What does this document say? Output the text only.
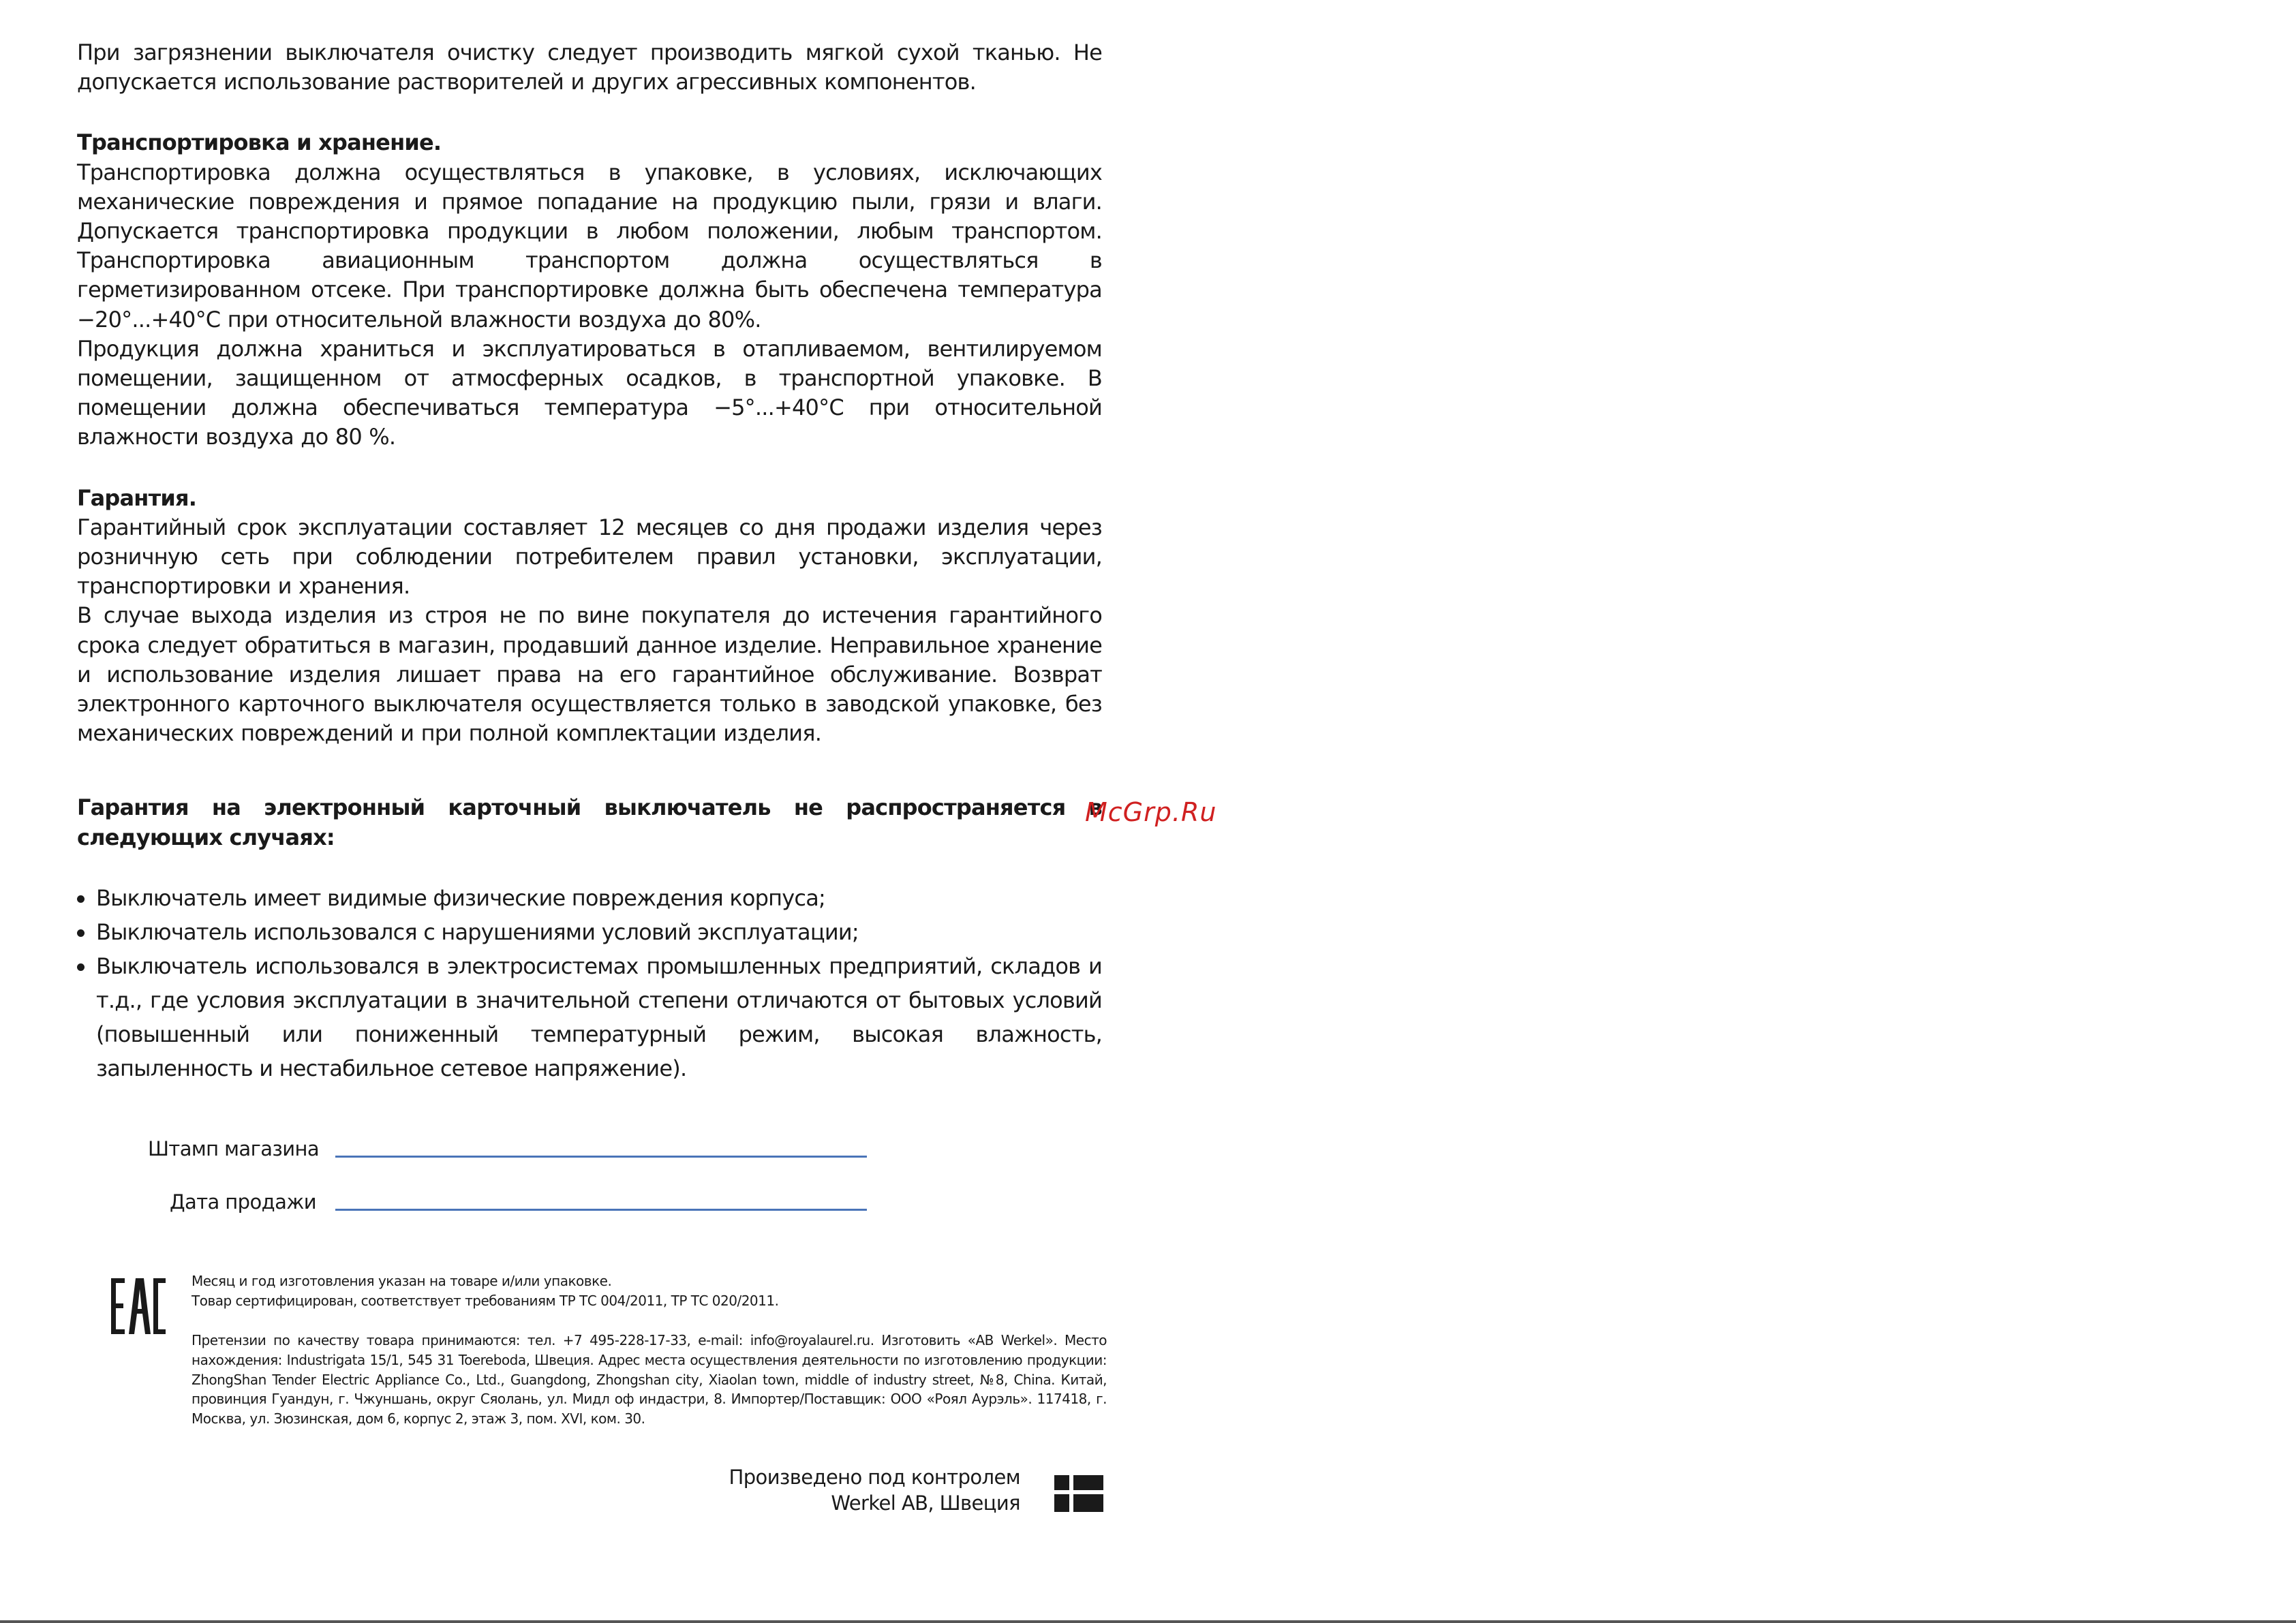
При загрязнении выключателя очистку следует производить мягкой сухой тканью. Не допускается использование растворителей и других агрессивных компонентов.

Транспортировка и хранение.

Транспортировка должна осуществляться в упаковке, в условиях, исключающих механические повреждения и прямое попадание на продукцию пыли, грязи и влаги. Допускается транспортировка продукции в любом положении, любым транспортом. Транспортировка авиационным транспортом должна осуществляться в герметизированном отсеке. При транспортировке должна быть обеспечена температура −20°...+40°С при относительной влажности воздуха до 80%.

Продукция должна храниться и эксплуатироваться в отапливаемом, вентилируемом помещении, защищенном от атмосферных осадков, в транспортной упаковке. В помещении должна обеспечиваться температура −5°...+40°С при относительной влажности воздуха до 80 %.

Гарантия.

Гарантийный срок эксплуатации составляет 12 месяцев со дня продажи изделия через розничную сеть при соблюдении потребителем правил установки, эксплуатации, транспортировки и хранения.

В случае выхода изделия из строя не по вине покупателя до истечения гарантийного срока следует обратиться в магазин, продавший данное изделие. Неправильное хранение и использование изделия лишает права на его гарантийное обслуживание. Возврат электронного карточного выключателя осуществляется только в заводской упаковке, без механических повреждений и при полной комплектации изделия.

Гарантия на электронный карточный выключатель не распространяется в следующих случаях:

Выключатель имеет видимые физические повреждения корпуса;
Выключатель использовался с нарушениями условий эксплуатации;
Выключатель использовался в электросистемах промышленных предприятий, складов и т.д., где условия эксплуатации в значительной степени отличаются от бытовых условий (повышенный или пониженный температурный режим, высокая влажность, запыленность и нестабильное сетевое напряжение).
Штамп магазина
Дата продажи

Месяц и год изготовления указан на товаре и/или упаковке.

Товар сертифицирован, соответствует требованиям ТР ТС 004/2011, ТР ТС 020/2011.

Претензии по качеству товара принимаются: тел. +7 495-228-17-33, e-mail: info@royalaurel.ru. Изготовить «AB Werkel». Место нахождения: Industrigata 15/1, 545 31 Toereboda, Швеция. Адрес места осуществления деятельности по изготовлению продукции: ZhongShan Tender Electric Appliance Co., Ltd., Guangdong, Zhongshan city, Xiaolan town, middle of industry street, №8, China. Китай, провинция Гуандун, г. Чжуншань, округ Сяолань, ул. Мидл оф индастри, 8. Импортер/Поставщик: ООО «Роял Аурэль». 117418, г. Москва, ул. Зюзинская, дом 6, корпус 2, этаж 3, пом. XVI, ком. 30.

Произведено под контролем
Werkel AB, Швеция
McGrp.Ru
